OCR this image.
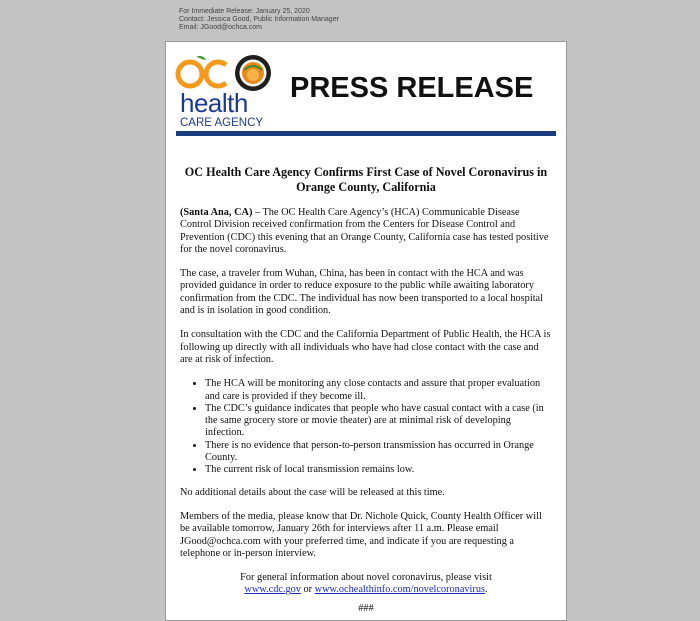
For Immediate Release: January 25, 2020
Contact: Jessica Good, Public Information Manager
Email: JGood@ochca.com
health
CARE AGENCY
PRESS RELEASE
OC Health Care Agency Confirms First Case of Novel Coronavirus in Orange County, California

(Santa Ana, CA) – The OC Health Care Agency’s (HCA) Communicable Disease Control Division received confirmation from the Centers for Disease Control and Prevention (CDC) this evening that an Orange County, California case has tested positive for the novel coronavirus.

The case, a traveler from Wuhan, China, has been in contact with the HCA and was provided guidance in order to reduce exposure to the public while awaiting laboratory confirmation from the CDC. The individual has now been transported to a local hospital and is in isolation in good condition.

In consultation with the CDC and the California Department of Public Health, the HCA is following up directly with all individuals who have had close contact with the case and are at risk of infection.

• The HCA will be monitoring any close contacts and assure that proper evaluation and care is provided if they become ill.
• The CDC’s guidance indicates that people who have casual contact with a case (in the same grocery store or movie theater) are at minimal risk of developing infection.
• There is no evidence that person-to-person transmission has occurred in Orange County.
• The current risk of local transmission remains low.

No additional details about the case will be released at this time.

Members of the media, please know that Dr. Nichole Quick, County Health Officer will be available tomorrow, January 26th for interviews after 11 a.m. Please email JGood@ochca.com with your preferred time, and indicate if you are requesting a telephone or in-person interview.

For general information about novel coronavirus, please visit
www.cdc.gov or www.ochealthinfo.com/novelcoronavirus.
###
